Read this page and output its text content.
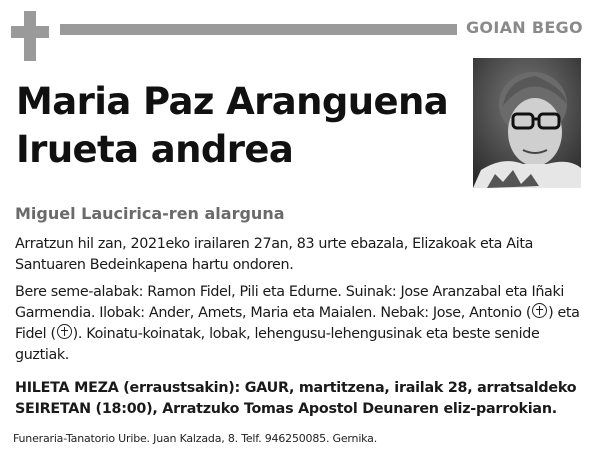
GOIAN BEGO
Maria Paz Aranguena Irueta andrea
Miguel Laucirica-ren alarguna

Arratzun hil zan, 2021eko irailaren 27an, 83 urte ebazala, Elizakoak eta Aita Santuaren Bedeinkapena hartu ondoren.

Bere seme-alabak: Ramon Fidel, Pili eta Edurne. Suinak: Jose Aranzabal eta Iñaki Garmendia. Ilobak: Ander, Amets, Maria eta Maialen. Nebak: Jose, Antonio ( ) eta Fidel ( ). Koinatu-koinatak, lobak, lehengusu-lehengusinak eta beste senide guztiak.

HILETA MEZA (erraustsakin): GAUR, martitzena, irailak 28, arratsaldeko SEIRETAN (18:00), Arratzuko Tomas Apostol Deunaren eliz-parrokian.

Funeraria-Tanatorio Uribe. Juan Kalzada, 8. Telf. 946250085. Gernika.
